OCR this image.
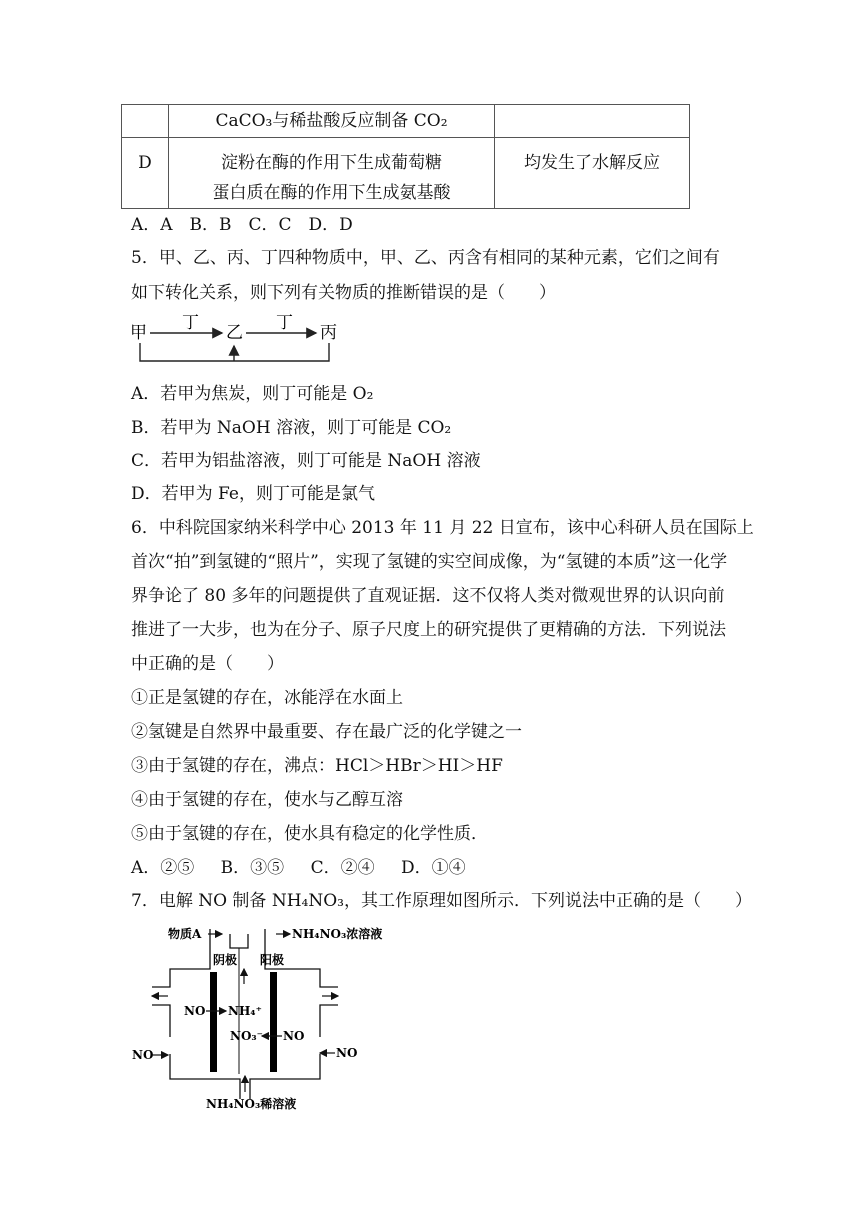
	CaCO₃与稀盐酸反应制备 CO₂	

D	淀粉在酶的作用下生成葡萄糖
蛋白质在酶的作用下生成氨基酸	均发生了水解反应
A．A　B．B　C．C　D．D
5．甲、乙、丙、丁四种物质中，甲、乙、丙含有相同的某种元素，它们之间有
如下转化关系，则下列有关物质的推断错误的是（　　）
甲 丁 乙 丁 丙
A．若甲为焦炭，则丁可能是 O₂
B．若甲为 NaOH 溶液，则丁可能是 CO₂
C．若甲为铝盐溶液，则丁可能是 NaOH 溶液
D．若甲为 Fe，则丁可能是氯气
6．中科院国家纳米科学中心 2013 年 11 月 22 日宣布，该中心科研人员在国际上
首次“拍”到氢键的“照片”，实现了氢键的实空间成像，为“氢键的本质”这一化学
界争论了 80 多年的问题提供了直观证据．这不仅将人类对微观世界的认识向前
推进了一大步，也为在分子、原子尺度上的研究提供了更精确的方法．下列说法
中正确的是（　　）
①正是氢键的存在，冰能浮在水面上
②氢键是自然界中最重要、存在最广泛的化学键之一
③由于氢键的存在，沸点：HCl＞HBr＞HI＞HF
④由于氢键的存在，使水与乙醇互溶
⑤由于氢键的存在，使水具有稳定的化学性质．
A．②⑤　 B．③⑤　 C．②④　 D．①④
7．电解 NO 制备 NH₄NO₃，其工作原理如图所示．下列说法中正确的是（　　）
物质A	NH₄NO₃浓溶液
阴极 阳极
NO NH₄⁺
NO₃⁻ NO
NO	NO
NH₄NO₃稀溶液
